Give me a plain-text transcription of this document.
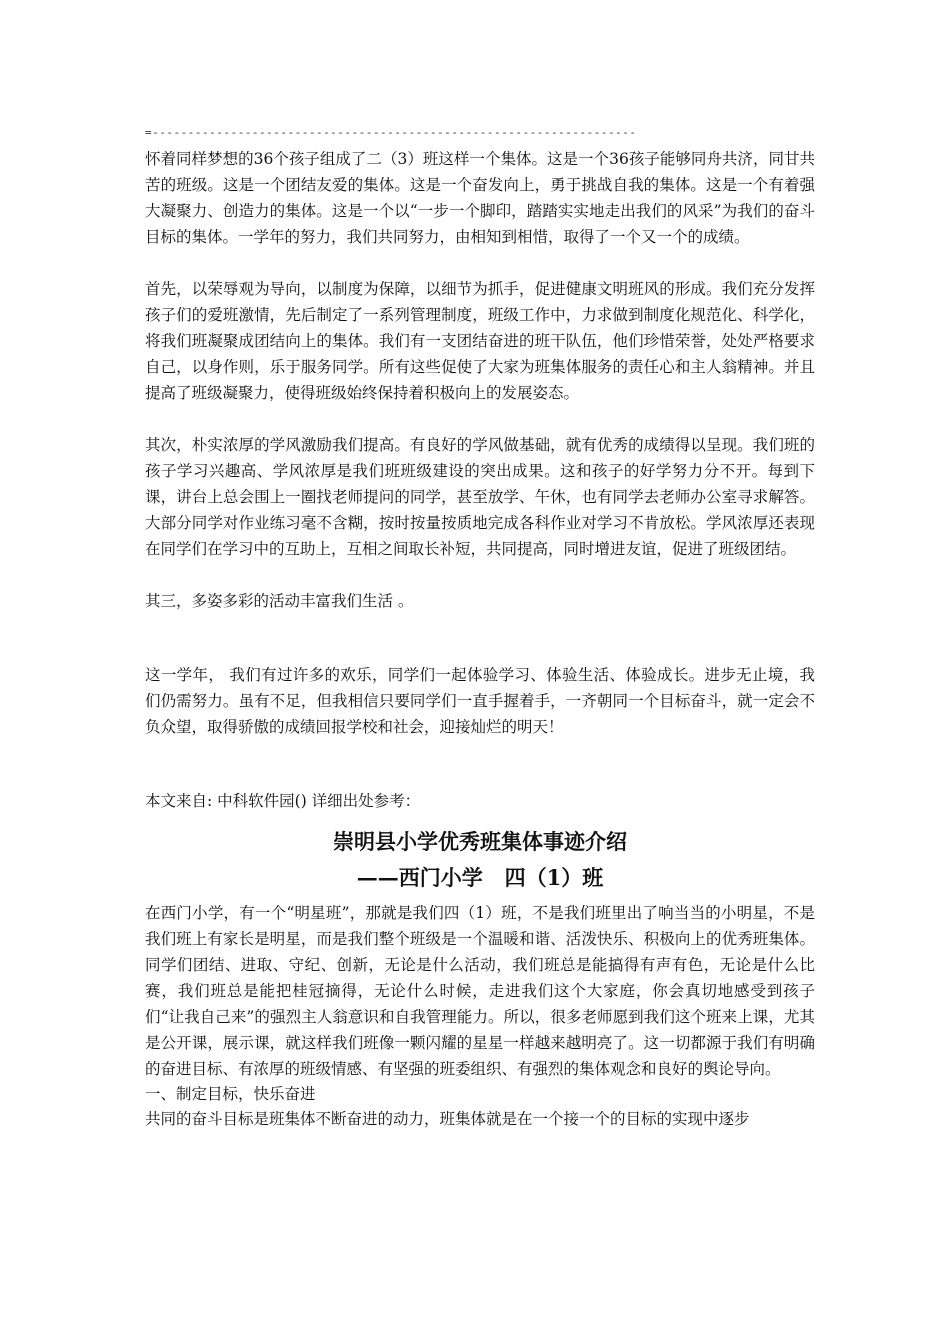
=--------------------------------------------------------------------

怀着同样梦想的36个孩子组成了二（3）班这样一个集体。这是一个36孩子能够同舟共济，同甘共苦的班级。这是一个团结友爱的集体。这是一个奋发向上，勇于挑战自我的集体。这是一个有着强大凝聚力、创造力的集体。这是一个以“一步一个脚印，踏踏实实地走出我们的风采”为我们的奋斗目标的集体。一学年的努力，我们共同努力，由相知到相惜，取得了一个又一个的成绩。

首先，以荣辱观为导向，以制度为保障，以细节为抓手，促进健康文明班风的形成。我们充分发挥孩子们的爱班激情，先后制定了一系列管理制度，班级工作中，力求做到制度化规范化、科学化，将我们班凝聚成团结向上的集体。我们有一支团结奋进的班干队伍，他们珍惜荣誉，处处严格要求自己，以身作则，乐于服务同学。所有这些促使了大家为班集体服务的责任心和主人翁精神。并且提高了班级凝聚力，使得班级始终保持着积极向上的发展姿态。

其次，朴实浓厚的学风激励我们提高。有良好的学风做基础，就有优秀的成绩得以呈现。我们班的孩子学习兴趣高、学风浓厚是我们班班级建设的突出成果。这和孩子的好学努力分不开。每到下课，讲台上总会围上一圈找老师提问的同学，甚至放学、午休，也有同学去老师办公室寻求解答。大部分同学对作业练习毫不含糊，按时按量按质地完成各科作业对学习不肯放松。学风浓厚还表现在同学们在学习中的互助上，互相之间取长补短，共同提高，同时增进友谊，促进了班级团结。

其三，多姿多彩的活动丰富我们生活 。

这一学年， 我们有过许多的欢乐，同学们一起体验学习、体验生活、体验成长。进步无止境，我们仍需努力。虽有不足，但我相信只要同学们一直手握着手，一齐朝同一个目标奋斗，就一定会不负众望，取得骄傲的成绩回报学校和社会，迎接灿烂的明天！

本文来自: 中科软件园() 详细出处参考：

崇明县小学优秀班集体事迹介绍
——西门小学   四（1）班

在西门小学，有一个“明星班”，那就是我们四（1）班，不是我们班里出了响当当的小明星，不是我们班上有家长是明星，而是我们整个班级是一个温暖和谐、活泼快乐、积极向上的优秀班集体。同学们团结、进取、守纪、创新，无论是什么活动，我们班总是能搞得有声有色，无论是什么比赛，我们班总是能把桂冠摘得，无论什么时候，走进我们这个大家庭，你会真切地感受到孩子们“让我自己来”的强烈主人翁意识和自我管理能力。所以，很多老师愿到我们这个班来上课，尤其是公开课，展示课，就这样我们班像一颗闪耀的星星一样越来越明亮了。这一切都源于我们有明确的奋进目标、有浓厚的班级情感、有坚强的班委组织、有强烈的集体观念和良好的舆论导向。

一、制定目标，快乐奋进

共同的奋斗目标是班集体不断奋进的动力，班集体就是在一个接一个的目标的实现中逐步
